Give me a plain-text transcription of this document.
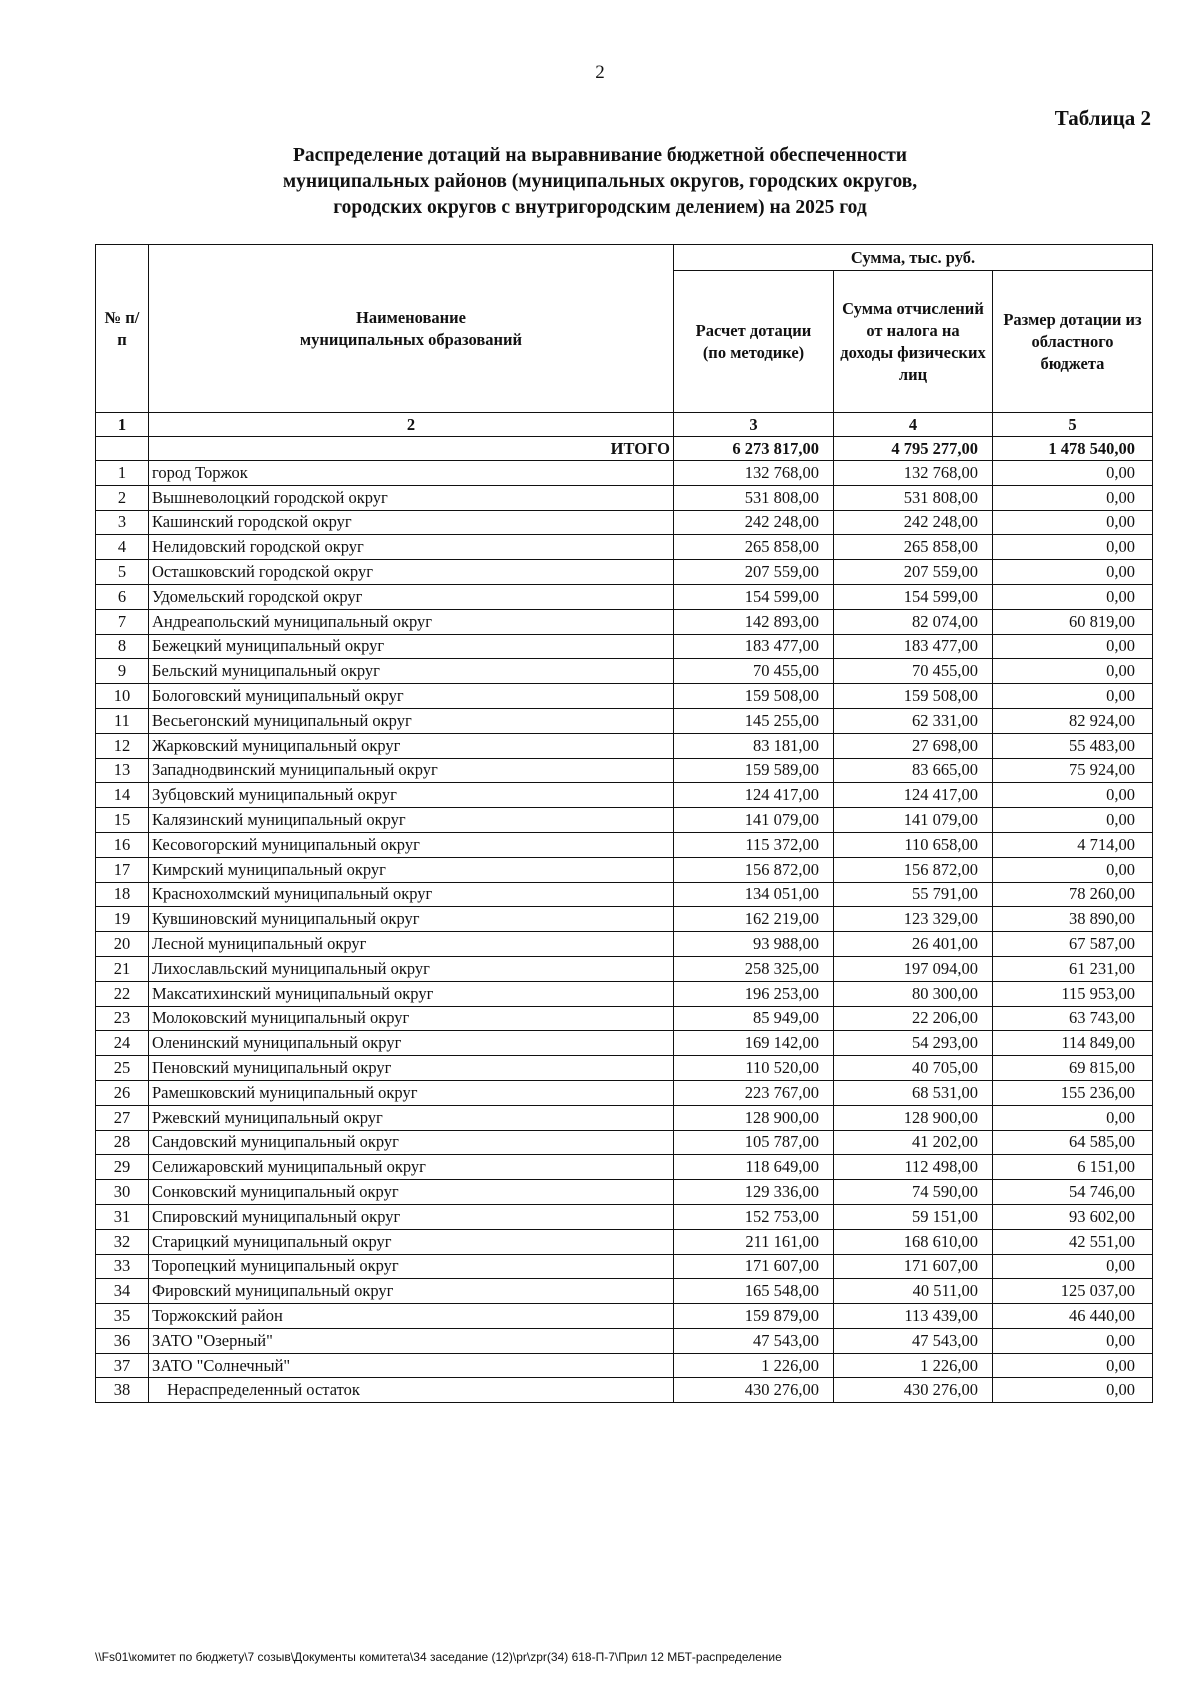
2
Таблица 2
Распределение дотаций на выравнивание бюджетной обеспеченности
муниципальных районов (муниципальных округов, городских округов,
городских округов с внутригородским делением) на 2025 год
№ п/п	Наименование муниципальных образований	Сумма, тыс. руб.		
		Расчет дотации (по методике)	Сумма отчислений от налога на доходы физических лиц	Размер дотации из областного бюджета
1	2	3	4	5
	ИТОГО	6 273 817,00	4 795 277,00	1 478 540,00
1	город Торжок	132 768,00	132 768,00	0,00
2	Вышневолоцкий городской округ	531 808,00	531 808,00	0,00
3	Кашинский городской округ	242 248,00	242 248,00	0,00
4	Нелидовский городской округ	265 858,00	265 858,00	0,00
5	Осташковский городской округ	207 559,00	207 559,00	0,00
6	Удомельский городской округ	154 599,00	154 599,00	0,00
7	Андреапольский муниципальный округ	142 893,00	82 074,00	60 819,00
8	Бежецкий муниципальный округ	183 477,00	183 477,00	0,00
9	Бельский муниципальный округ	70 455,00	70 455,00	0,00
10	Бологовский муниципальный округ	159 508,00	159 508,00	0,00
11	Весьегонский муниципальный округ	145 255,00	62 331,00	82 924,00
12	Жарковский муниципальный округ	83 181,00	27 698,00	55 483,00
13	Западнодвинский муниципальный округ	159 589,00	83 665,00	75 924,00
14	Зубцовский муниципальный округ	124 417,00	124 417,00	0,00
15	Калязинский муниципальный округ	141 079,00	141 079,00	0,00
16	Кесовогорский муниципальный округ	115 372,00	110 658,00	4 714,00
17	Кимрский муниципальный округ	156 872,00	156 872,00	0,00
18	Краснохолмский муниципальный округ	134 051,00	55 791,00	78 260,00
19	Кувшиновский муниципальный округ	162 219,00	123 329,00	38 890,00
20	Лесной муниципальный округ	93 988,00	26 401,00	67 587,00
21	Лихославльский муниципальный округ	258 325,00	197 094,00	61 231,00
22	Максатихинский муниципальный округ	196 253,00	80 300,00	115 953,00
23	Молоковский муниципальный округ	85 949,00	22 206,00	63 743,00
24	Оленинский муниципальный округ	169 142,00	54 293,00	114 849,00
25	Пеновский муниципальный округ	110 520,00	40 705,00	69 815,00
26	Рамешковский муниципальный округ	223 767,00	68 531,00	155 236,00
27	Ржевский муниципальный округ	128 900,00	128 900,00	0,00
28	Сандовский муниципальный округ	105 787,00	41 202,00	64 585,00
29	Селижаровский муниципальный округ	118 649,00	112 498,00	6 151,00
30	Сонковский муниципальный округ	129 336,00	74 590,00	54 746,00
31	Спировский муниципальный округ	152 753,00	59 151,00	93 602,00
32	Старицкий муниципальный округ	211 161,00	168 610,00	42 551,00
33	Торопецкий муниципальный округ	171 607,00	171 607,00	0,00
34	Фировский муниципальный округ	165 548,00	40 511,00	125 037,00
35	Торжокский район	159 879,00	113 439,00	46 440,00
36	ЗАТО "Озерный"	47 543,00	47 543,00	0,00
37	ЗАТО "Солнечный"	1 226,00	1 226,00	0,00
38	Нераспределенный остаток	430 276,00	430 276,00	0,00
\\Fs01\комитет по бюджету\7 созыв\Документы комитета\34 заседание (12)\pr\zpr(34) 618-П-7\Прил 12 МБТ-распределение
